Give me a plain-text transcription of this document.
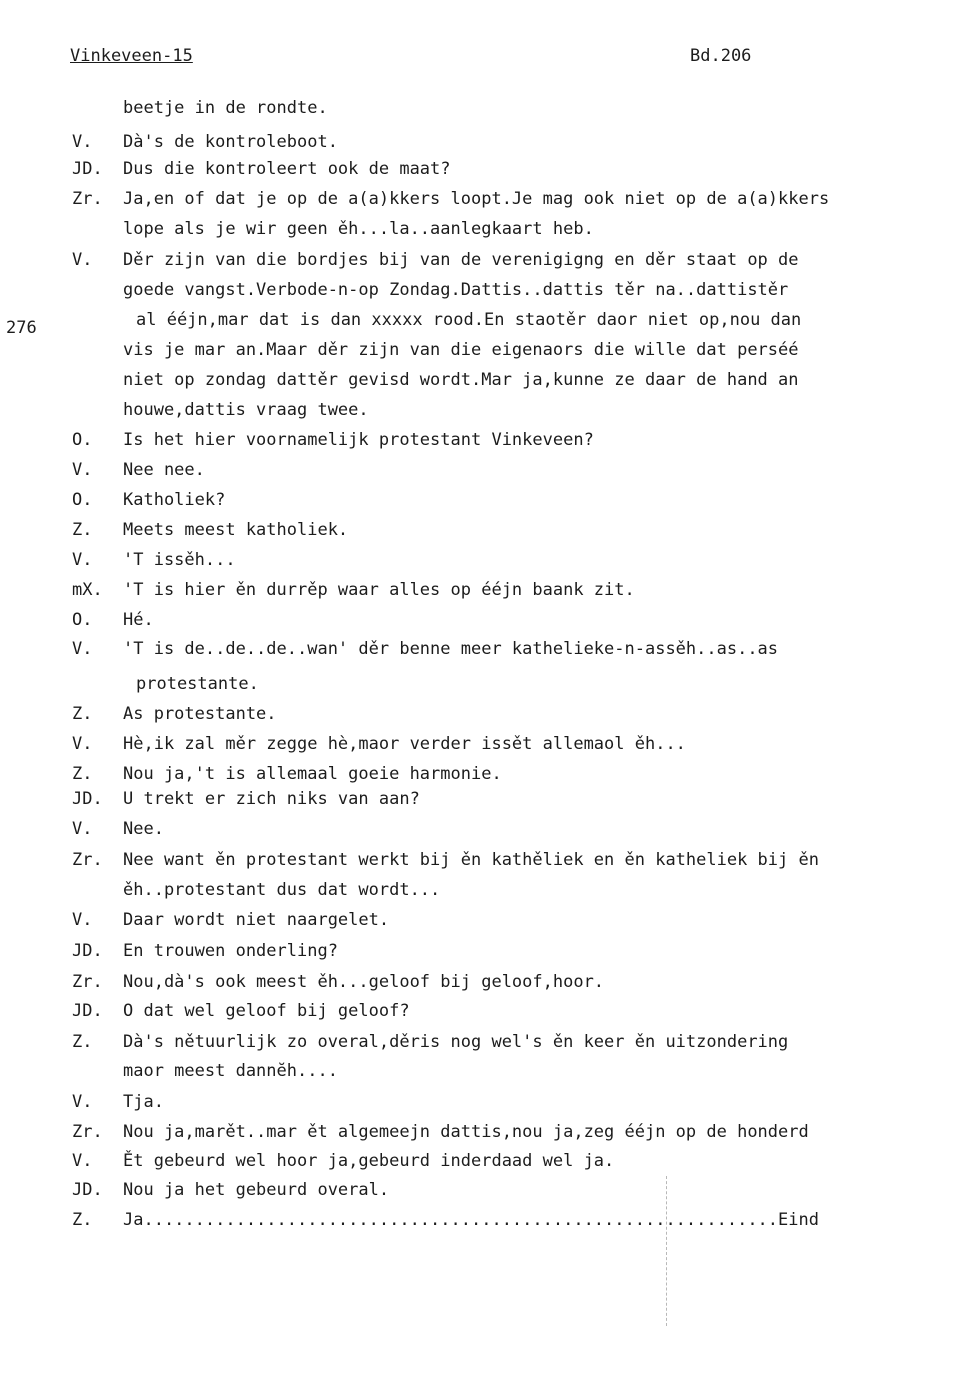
Vinkeveen-15	Bd.206
276
beetje in de rondte.
V.	Dà's de kontroleboot.
JD.	Dus die kontroleert ook de maat?
Zr.	Ja,en of dat je op de a(a)kkers loopt.Je mag ook niet op de a(a)kkers
lope als je wir geen ěh...la..aanlegkaart heb.
V.	Děr zijn van die bordjes bij van de verenigigng en děr staat op de
goede vangst.Verbode-n-op Zondag.Dattis..dattis těr na..dattistěr
al ééjn,mar dat is dan xxxxx rood.En staotěr daor niet op,nou dan
vis je mar an.Maar děr zijn van die eigenaors die wille dat perséé
niet op zondag dattěr gevisd wordt.Mar ja,kunne ze daar de hand an
houwe,dattis vraag twee.
O.	Is het hier voornamelijk protestant Vinkeveen?
V.	Nee nee.
O.	Katholiek?
Z.	Meets meest katholiek.
V.	'T issěh...
mX.	'T is hier ěn durrěp waar alles op ééjn baank zit.
O.	Hé.
V.	'T is de..de..de..wan' děr benne meer kathelieke-n-assěh..as..as
protestante.
Z.	As protestante.
V.	Hè,ik zal měr zegge hè,maor verder issět allemaol ěh...
Z.	Nou ja,'t is allemaal goeie harmonie.
JD.	U trekt er zich niks van aan?
V.	Nee.
Zr.	Nee want ěn protestant werkt bij ěn kathěliek en ěn katheliek bij ěn
ěh..protestant dus dat wordt...
V.	Daar wordt niet naargelet.
JD.	En trouwen onderling?
Zr.	Nou,dà's ook meest ěh...geloof bij geloof,hoor.
JD.	O dat wel geloof bij geloof?
Z.	Dà's nětuurlijk zo overal,děris nog wel's ěn keer ěn uitzondering
maor meest dannĕh....
V.	Tja.
Zr.	Nou ja,marět..mar ět algemeejn dattis,nou ja,zeg ééjn op de honderd
V.	Ět gebeurd wel hoor ja,gebeurd inderdaad wel ja.
JD.	Nou ja het gebeurd overal.
Z.	Ja..............................................................Eind
